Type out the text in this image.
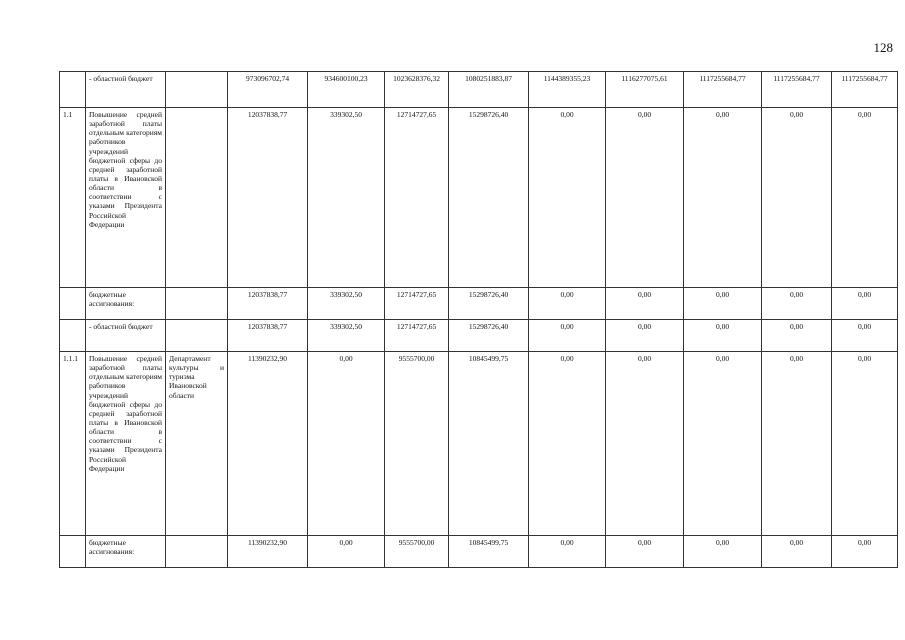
128
	- областной бюджет		973096702,74	934600100,23	1023628376,32	1080251883,87	1144389355,23	1116277075,61	1117255684,77	1117255684,77	1117255684,77
1.1	Повышение средней заработной платы отдельным категориям работников учреждений бюджетной сферы до средней заработной платы в Ивановской области в соответствии с указами Президента Российской Федерации		12037838,77	339302,50	12714727,65	15298726,40	0,00	0,00	0,00	0,00	0,00
	бюджетные ассигнования:		12037838,77	339302,50	12714727,65	15298726,40	0,00	0,00	0,00	0,00	0,00
	- областной бюджет		12037838,77	339302,50	12714727,65	15298726,40	0,00	0,00	0,00	0,00	0,00
1.1.1	Повышение средней заработной платы отдельным категориям работников учреждений бюджетной сферы до средней заработной платы в Ивановской области в соответствии с указами Президента Российской Федерации	Департамент культуры и туризма Ивановской области	11390232,90	0,00	9555700,00	10845499,75	0,00	0,00	0,00	0,00	0,00
	бюджетные ассигнования:		11390232,90	0,00	9555700,00	10845499,75	0,00	0,00	0,00	0,00	0,00
